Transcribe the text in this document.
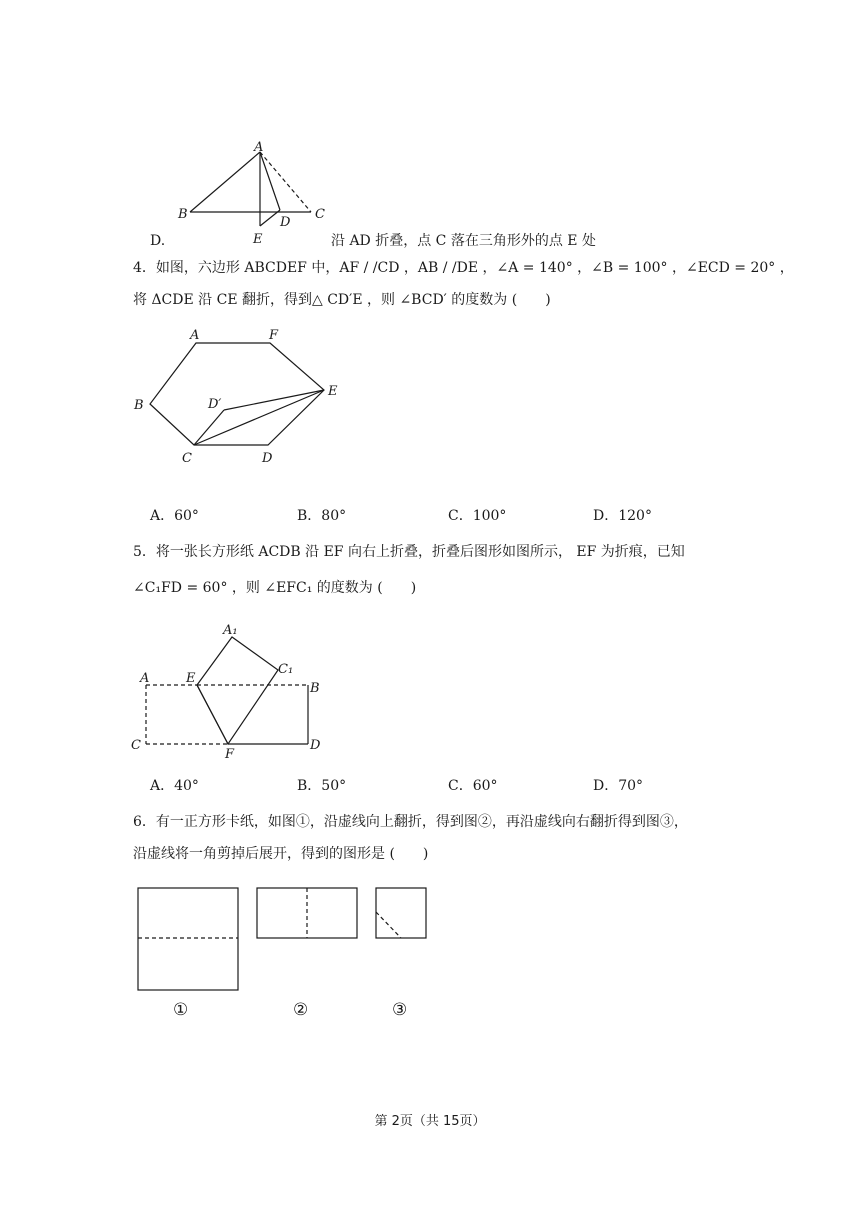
A
B	C
D
E
D.	沿 AD 折叠，点 C 落在三角形外的点 E 处
4．如图，六边形 ABCDEF 中，AF / /CD ，AB / /DE ，∠A = 140° ，∠B = 100° ，∠ECD = 20° ，
将 ΔCDE 沿 CE 翻折，得到△ CD′E ，则 ∠BCD′ 的度数为 (　　)
A	F
E
B	D′
C	D
A．60°	B．80°	C．100°	D．120°
5．将一张长方形纸 ACDB 沿 EF 向右上折叠，折叠后图形如图所示， EF 为折痕，已知
∠C₁FD = 60° ，则 ∠EFC₁ 的度数为 (　　)
A₁
C₁
A	E
B
C
F
D
A．40°	B．50°	C．60°	D．70°
6．有一正方形卡纸，如图①，沿虚线向上翻折，得到图②，再沿虚线向右翻折得到图③，
沿虚线将一角剪掉后展开，得到的图形是 (　　)
①	②	③
第 2页（共 15页）
